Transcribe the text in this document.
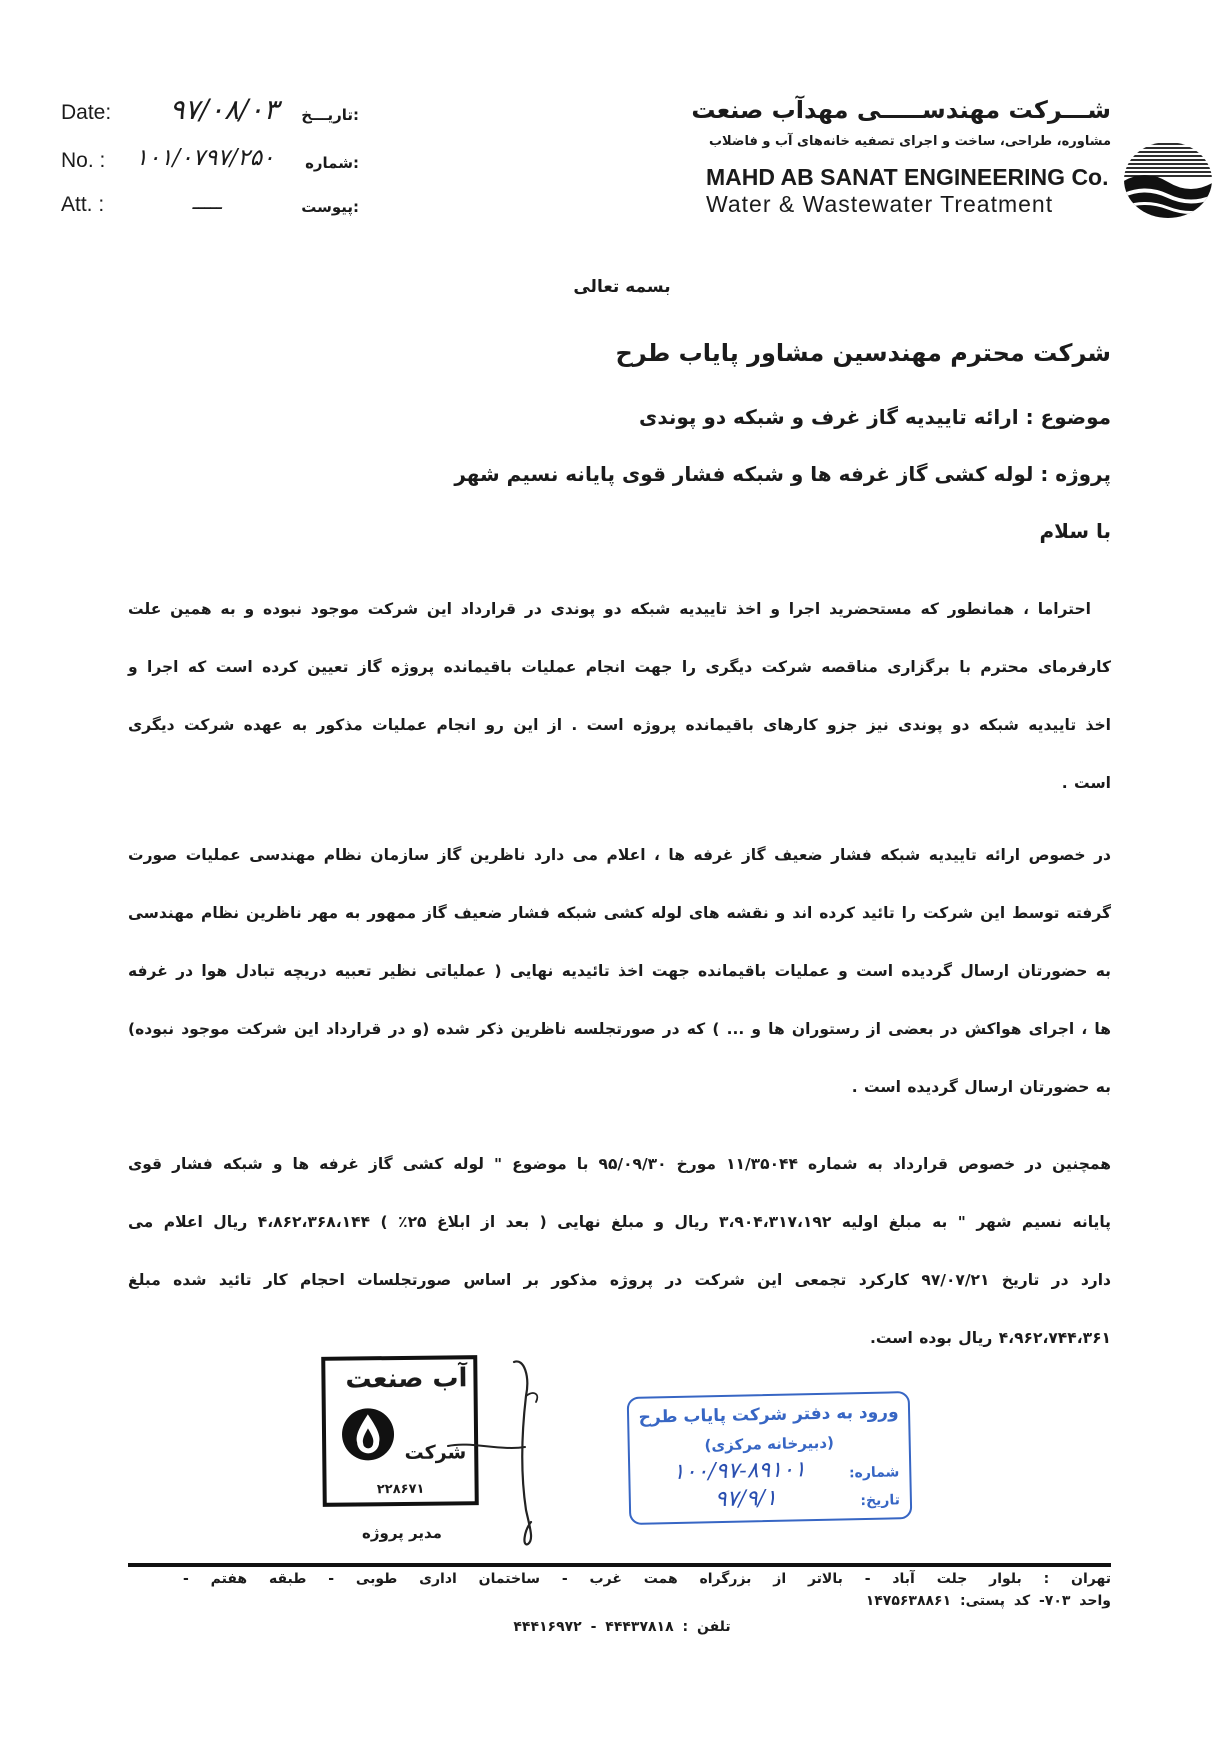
شـــرکت مهندســـــی مهدآب صنعت
مشاوره، طراحی، ساخت و اجرای تصفیه خانه‌های آب و فاضلاب
MAHD AB SANAT ENGINEERING Co.
Water & Wastewater Treatment
Date:	۹۷/۰۸/۰۳	تاریـــخ:
No. :	۱۰۱/۰۷۹۷/۲۵۰	شماره:
Att. :	ـــــ	پیوست:
بسمه تعالی
شرکت محترم مهندسین مشاور پایاب طرح
موضوع : ارائه تاییدیه گاز غرف و شبکه دو پوندی
پروژه : لوله کشی گاز غرفه ها و شبکه فشار قوی پایانه نسیم شهر
با سلام
احتراما ، همانطور که مستحضرید اجرا و اخذ تاییدیه شبکه دو پوندی در قرارداد این شرکت موجود نبوده و به همین علت
کارفرمای محترم با برگزاری مناقصه شرکت دیگری را جهت انجام عملیات باقیمانده پروژه گاز تعیین کرده است که اجرا و
اخذ تاییدیه شبکه دو پوندی نیز جزو کارهای باقیمانده پروژه است . از این رو انجام عملیات مذکور به عهده شرکت دیگری
است .
در خصوص ارائه تاییدیه شبکه فشار ضعیف گاز غرفه ها ، اعلام می دارد ناظرین گاز سازمان نظام مهندسی عملیات صورت
گرفته توسط این شرکت را تائید کرده اند و نقشه های لوله کشی شبکه فشار ضعیف گاز ممهور به مهر ناظرین نظام مهندسی
به حضورتان ارسال گردیده است و عملیات باقیمانده جهت اخذ تائیدیه نهایی ( عملیاتی نظیر تعبیه دریچه تبادل هوا در غرفه
ها ، اجرای هواکش در بعضی از رستوران ها و ... ) که در صورتجلسه ناظرین ذکر شده (و در قرارداد این شرکت موجود نبوده)
به حضورتان ارسال گردیده است .
همچنین در خصوص قرارداد به شماره ۱۱/۳۵۰۴۴ مورخ ۹۵/۰۹/۳۰ با موضوع " لوله کشی گاز غرفه ها و شبکه فشار قوی
پایانه نسیم شهر " به مبلغ اولیه ۳،۹۰۴،۳۱۷،۱۹۲ ریال و مبلغ نهایی ( بعد از ابلاغ ۲۵٪ ) ۴،۸۶۲،۳۶۸،۱۴۴ ریال اعلام می
دارد در تاریخ ۹۷/۰۷/۲۱ کارکرد تجمعی این شرکت در پروژه مذکور بر اساس صورتجلسات احجام کار تائید شده مبلغ
۴،۹۶۲،۷۴۴،۳۶۱ ریال بوده است.
آب صنعت
شرکت
۲۲۸۶۷۱
مدیر پروژه
ورود به دفتر شرکت پایاب طرح
(دبیرخانه مرکزی)
شماره:
۱۰۰/۹۷-۸۹۱۰۱
تاریخ:
۹۷/۹/۱
تهران : بلوار جلت آباد - بالاتر از بزرگراه همت غرب - ساختمان اداری طوبی - طبقه هفتم -
واحد ۷۰۳- کد پستی: ۱۴۷۵۶۳۸۸۶۱
تلفن : ۴۴۴۳۷۸۱۸ - ۴۴۴۱۶۹۷۲
